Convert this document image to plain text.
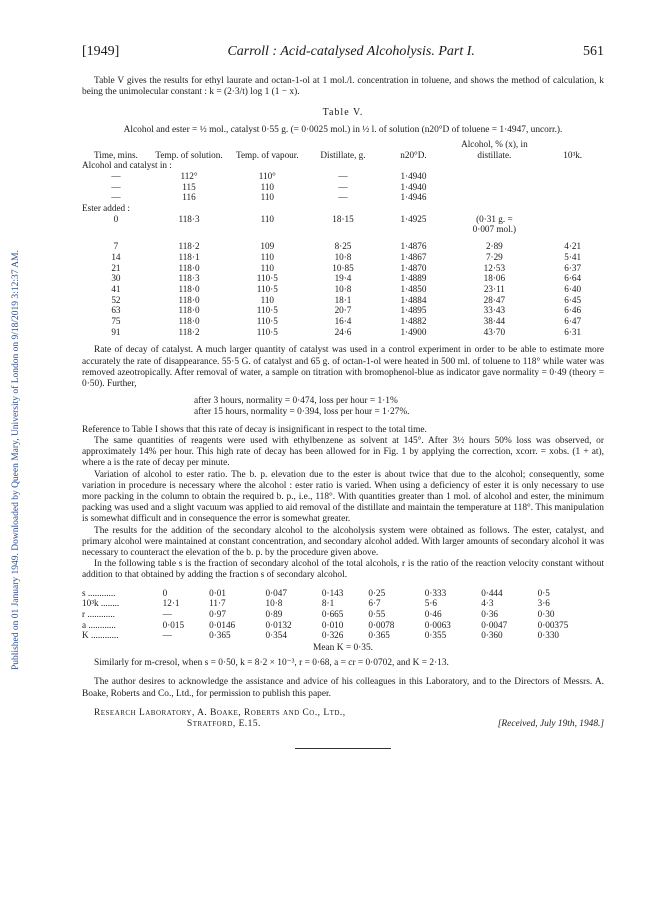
Published on 01 January 1949. Downloaded by Queen Mary, University of London on 9/18/2019 3:12:37 AM.
[1949]	Carroll : Acid-catalysed Alcoholysis. Part I.	561

Table V gives the results for ethyl laurate and octan-1-ol at 1 mol./l. concentration in toluene, and shows the method of calculation, k being the unimolecular constant : k = (2·3/t) log 1 (1 − x).

Table V.

Alcohol and ester = ½ mol., catalyst 0·55 g. (= 0·0025 mol.) in ½ l. of solution (n20°D of toluene = 1·4947, uncorr.).

Time, mins.	Temp. of solution.	Temp. of vapour.	Distillate, g.	n20°D.	Alcohol, % (x), in distillate.	10³k.
Alcohol and catalyst in :						
—	112°	110°	—	1·4940		
—	115	110	—	1·4940		
—	116	110	—	1·4946		
Ester added :						
0	118·3	110	18·15	1·4925	(0·31 g. =	
					0·007 mol.)	

7	118·2	109	8·25	1·4876	2·89	4·21
14	118·1	110	10·8	1·4867	7·29	5·41
21	118·0	110	10·85	1·4870	12·53	6·37
30	118·3	110·5	19·4	1·4889	18·06	6·64
41	118·0	110·5	10·8	1·4850	23·11	6·40
52	118·0	110	18·1	1·4884	28·47	6·45
63	118·0	110·5	20·7	1·4895	33·43	6·46
75	118·0	110·5	16·4	1·4882	38·44	6·47
91	118·2	110·5	24·6	1·4900	43·70	6·31

Rate of decay of catalyst. A much larger quantity of catalyst was used in a control experiment in order to be able to estimate more accurately the rate of disappearance. 55·5 G. of catalyst and 65 g. of octan-1-ol were heated in 500 ml. of toluene to 118° while water was removed azeotropically. After removal of water, a sample on titration with bromophenol-blue as indicator gave normality = 0·49 (theory = 0·50). Further,

after 3 hours, normality = 0·474, loss per hour = 1·1%
after 15 hours, normality = 0·394, loss per hour = 1·27%.

Reference to Table I shows that this rate of decay is insignificant in respect to the total time.

The same quantities of reagents were used with ethylbenzene as solvent at 145°. After 3½ hours 50% loss was observed, or approximately 14% per hour. This high rate of decay has been allowed for in Fig. 1 by applying the correction, xcorr. = xobs. (1 + at), where a is the rate of decay per minute.

Variation of alcohol to ester ratio. The b. p. elevation due to the ester is about twice that due to the alcohol; consequently, some variation in procedure is necessary where the alcohol : ester ratio is varied. When using a deficiency of ester it is only necessary to use more packing in the column to obtain the required b. p., i.e., 118°. With quantities greater than 1 mol. of alcohol and ester, the minimum packing was used and a slight vacuum was applied to aid removal of the distillate and maintain the temperature at 118°. This manipulation is somewhat difficult and in consequence the error is somewhat greater.

The results for the addition of the secondary alcohol to the alcoholysis system were obtained as follows. The ester, catalyst, and primary alcohol were maintained at constant concentration, and secondary alcohol added. With larger amounts of secondary alcohol it was necessary to counteract the elevation of the b. p. by the procedure given above.

In the following table s is the fraction of secondary alcohol of the total alcohols, r is the ratio of the reaction velocity constant without addition to that obtained by adding the fraction s of secondary alcohol.

s ............	0	0·01	0·047	0·143	0·25	0·333	0·444	0·5
10³k ........	12·1	11·7	10·8	8·1	6·7	5·6	4·3	3·6
r ............	—	0·97	0·89	0·665	0·55	0·46	0·36	0·30
a ............	0·015	0·0146	0·0132	0·010	0·0078	0·0063	0·0047	0·00375
K ............	—	0·365	0·354	0·326	0·365	0·355	0·360	0·330
Mean K = 0·35.

Similarly for m-cresol, when s = 0·50, k = 8·2 × 10⁻³, r = 0·68, a = cr = 0·0702, and K = 2·13.

The author desires to acknowledge the assistance and advice of his colleagues in this Laboratory, and to the Directors of Messrs. A. Boake, Roberts and Co., Ltd., for permission to publish this paper.

Research Laboratory, A. Boake, Roberts and Co., Ltd.,
Stratford, E.15.	[Received, July 19th, 1948.]
